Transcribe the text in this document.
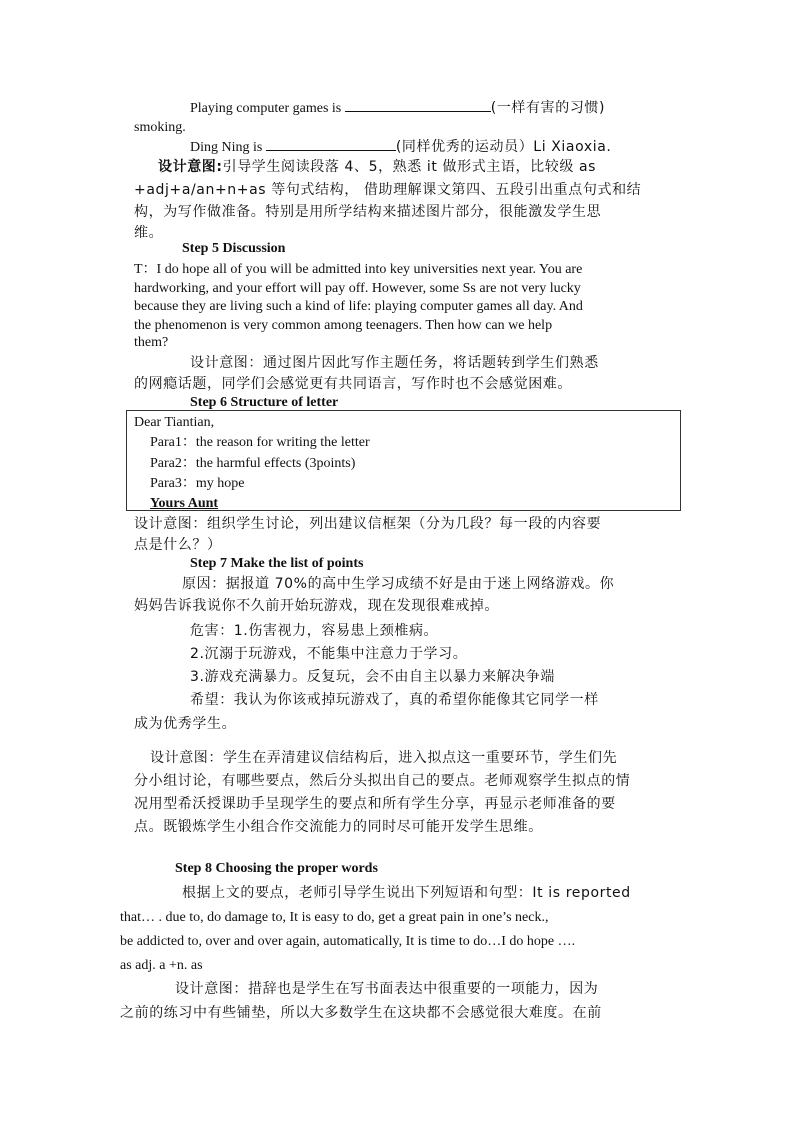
Playing computer games is	(一样有害的习惯)
smoking.
Ding Ning is	(同样优秀的运动员）Li Xiaoxia.
设计意图:引导学生阅读段落 4、5，熟悉 it 做形式主语，比较级 as
+adj+a/an+n+as 等句式结构， 借助理解课文第四、五段引出重点句式和结
构，为写作做准备。特别是用所学结构来描述图片部分，很能激发学生思
维。
Step 5 Discussion
T：I do hope all of you will be admitted into key universities next year. You are
hardworking, and your effort will pay off. However, some Ss are not very lucky
because they are living such a kind of life: playing computer games all day. And
the phenomenon is very common among teenagers. Then how can we help
them?
设计意图：通过图片因此写作主题任务，将话题转到学生们熟悉
的网瘾话题，同学们会感觉更有共同语言，写作时也不会感觉困难。
Step 6 Structure of letter
Dear Tiantian,
Para1：the reason for writing the letter
Para2：the harmful effects (3points)
Para3：my hope
Yours Aunt
设计意图：组织学生讨论，列出建议信框架（分为几段？每一段的内容要
点是什么？）
Step 7 Make the list of points
原因：据报道 70%的高中生学习成绩不好是由于迷上网络游戏。你
妈妈告诉我说你不久前开始玩游戏，现在发现很难戒掉。
危害：1.伤害视力，容易患上颈椎病。
2.沉溺于玩游戏，不能集中注意力于学习。
3.游戏充满暴力。反复玩，会不由自主以暴力来解决争端
希望：我认为你该戒掉玩游戏了，真的希望你能像其它同学一样
成为优秀学生。
设计意图：学生在弄清建议信结构后，进入拟点这一重要环节，学生们先
分小组讨论，有哪些要点，然后分头拟出自己的要点。老师观察学生拟点的情
况用型希沃授课助手呈现学生的要点和所有学生分享，再显示老师准备的要
点。既锻炼学生小组合作交流能力的同时尽可能开发学生思维。
Step 8 Choosing the proper words
根据上文的要点，老师引导学生说出下列短语和句型：It is reported
that… . due to, do damage to, It is easy to do, get a great pain in one’s neck.,
be addicted to, over and over again, automatically, It is time to do…I do hope ….
as adj. a +n. as
设计意图：措辞也是学生在写书面表达中很重要的一项能力，因为
之前的练习中有些铺垫，所以大多数学生在这块都不会感觉很大难度。在前
